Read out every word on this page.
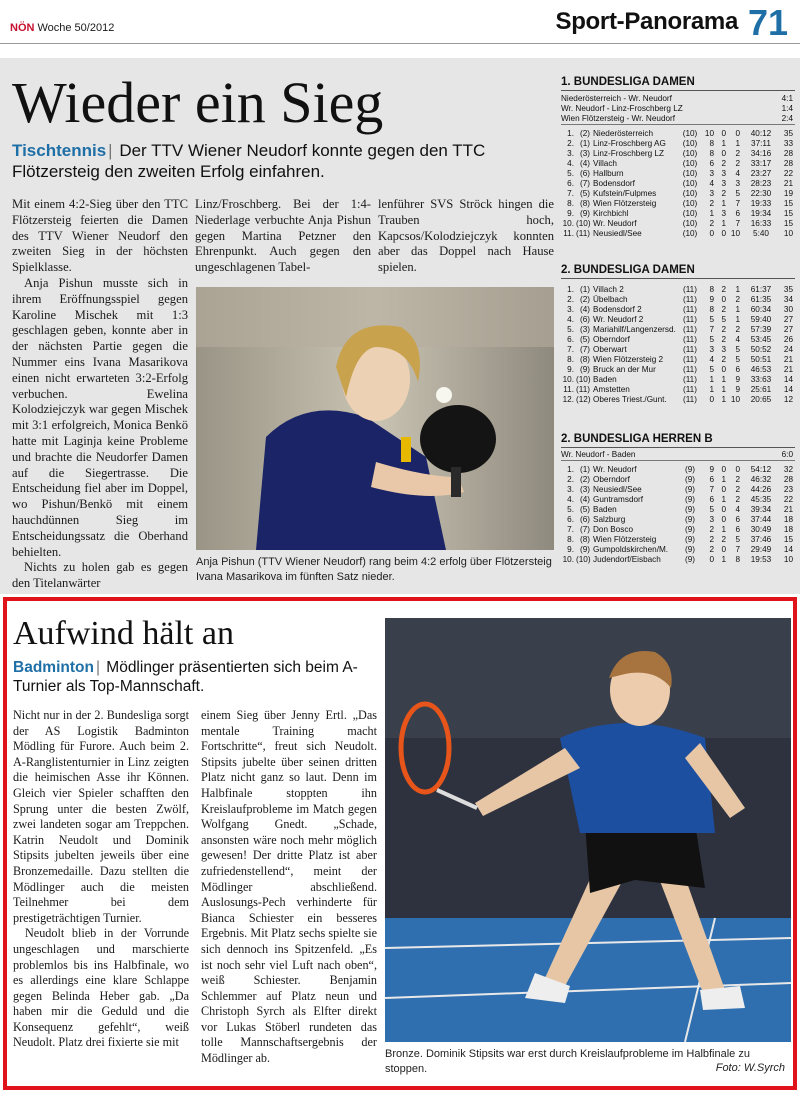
NÖN Woche 50/2012	Sport-Panorama 71
Wieder ein Sieg
Tischtennis | Der TTV Wiener Neudorf konnte gegen den TTC Flötzersteig den zweiten Erfolg einfahren.

Mit einem 4:2-Sieg über den TTC Flötzersteig feierten die Damen des TTV Wiener Neudorf den zweiten Sieg in der höchsten Spielklasse.

Anja Pishun musste sich in ihrem Eröffnungsspiel gegen Karoline Mischek mit 1:3 geschlagen geben, konnte aber in der nächsten Partie gegen die Nummer eins Ivana Masarikova einen nicht erwarteten 3:2-Erfolg verbuchen. Ewelina Kolodziejczyk war gegen Mischek mit 3:1 erfolgreich, Monica Benkö hatte mit Laginja keine Probleme und brachte die Neudorfer Damen auf die Siegertrasse. Die Entscheidung fiel aber im Doppel, wo Pishun/Benkö mit einem hauchdünnen Sieg im Entscheidungssatz die Oberhand behielten.

Nichts zu holen gab es gegen den Titelanwärter

Linz/Froschberg. Bei der 1:4-Niederlage verbuchte Anja Pishun gegen Martina Petzner den Ehrenpunkt. Auch gegen den ungeschlagenen Tabel-

lenführer SVS Ströck hingen die Trauben hoch, Kapcsos/Kolodziejczyk konnten aber das Doppel nach Hause spielen.

Anja Pishun (TTV Wiener Neudorf) rang beim 4:2 erfolg über Flötzersteig Ivana Masarikova im fünften Satz nieder.
1. BUNDESLIGA DAMEN
Niederösterreich - Wr. Neudorf	4:1
Wr. Neudorf - Linz-Froschberg LZ	1:4
Wien Flötzersteig - Wr. Neudorf	2:4
1. (2) Niederösterreich	(10) 10 0	0	40:12	35
2. (1) Linz-Froschberg AG	(10)	8 1	1	37:11	33
3. (3) Linz-Froschberg LZ	(10)	8 0	2	34:16	28
4. (4) Villach	(10)	6 2	2	33:17	28
5. (6) Hallburn	(10)	3 3	4	23:27	22
6. (7) Bodensdorf	(10)	4 3	3	28:23	21
7. (5) Kufstein/Fulpmes	(10)	3 2	5	22:30	19
8. (8) Wien Flötzersteig	(10)	2 1	7	19:33	15
9. (9) Kirchbichl	(10)	1 3	6	19:34	15
10. (10) Wr. Neudorf	(10)	2 1	7	16:33	15
11. (11) Neusiedl/See	(10)	0 0 10	5:40	10
2. BUNDESLIGA DAMEN
1. (1) Villach 2	(11)	8 2	1	61:37	35
2. (2) Übelbach	(11)	9 0	2	61:35	34
3. (4) Bodensdorf 2	(11)	8 2	1	60:34	30
4. (6) Wr. Neudorf 2	(11)	5 5	1	59:40	27
5. (3) Mariahilf/Langenzersd. (11)	7 2	2	57:39	27
6. (5) Oberndorf	(11)	5 2	4	53:45	26
7. (7) Oberwart	(11)	3 3	5	50:52	24
8. (8) Wien Flötzersteig 2	(11)	4 2	5	50:51	21
9. (9) Bruck an der Mur	(11)	5 0	6	46:53	21
10. (10) Baden	(11)	1 1	9	33:63	14
11. (11) Amstetten	(11)	1 1	9	25:61	14
12. (12) Oberes Triest./Gunt.	(11)	0 1 10	20:65	12
2. BUNDESLIGA HERREN B
Wr. Neudorf - Baden	6:0
1. (1) Wr. Neudorf	(9)	9 0	0	54:12	32
2. (2) Oberndorf	(9)	6 1	2	46:32	28
3. (3) Neusiedl/See	(9)	7 0	2	44:26	23
4. (4) Guntramsdorf	(9)	6 1	2	45:35	22
5. (5) Baden	(9)	5 0	4	39:34	21
6. (6) Salzburg	(9)	3 0	6	37:44	18
7. (7) Don Bosco	(9)	2 1	6	30:49	18
8. (8) Wien Flötzersteig	(9)	2 2	5	37:46	15
9. (9) Gumpoldskirchen/M.	(9)	2 0	7	29:49	14
10. (10) Judendorf/Eisbach	(9)	0 1	8	19:53	10
Aufwind hält an
Badminton | Mödlinger präsentierten sich beim A-Turnier als Top-Mannschaft.

Nicht nur in der 2. Bundesliga sorgt der AS Logistik Badminton Mödling für Furore. Auch beim 2. A-Ranglistenturnier in Linz zeigten die heimischen Asse ihr Können. Gleich vier Spieler schafften den Sprung unter die besten Zwölf, zwei landeten sogar am Treppchen. Katrin Neudolt und Dominik Stipsits jubelten jeweils über eine Bronzemedaille. Dazu stellten die Mödlinger auch die meisten Teilnehmer bei dem prestigeträchtigen Turnier.

Neudolt blieb in der Vorrunde ungeschlagen und marschierte problemlos bis ins Halbfinale, wo es allerdings eine klare Schlappe gegen Belinda Heber gab. „Da haben mir die Geduld und die Konsequenz gefehlt“, weiß Neudolt. Platz drei fixierte sie mit

einem Sieg über Jenny Ertl. „Das mentale Training macht Fortschritte“, freut sich Neudolt. Stipsits jubelte über seinen dritten Platz nicht ganz so laut. Denn im Halbfinale stoppten ihn Kreislaufprobleme im Match gegen Wolfgang Gnedt. „Schade, ansonsten wäre noch mehr möglich gewesen! Der dritte Platz ist aber zufriedenstellend“, meint der Mödlinger abschließend. Auslosungs-Pech verhinderte für Bianca Schiester ein besseres Ergebnis. Mit Platz sechs spielte sie sich dennoch ins Spitzenfeld. „Es ist noch sehr viel Luft nach oben“, weiß Schiester. Benjamin Schlemmer auf Platz neun und Christoph Syrch als Elfter direkt vor Lukas Stöberl rundeten das tolle Mannschaftsergebnis der Mödlinger ab.	Bronze. Dominik Stipsits war erst durch Kreislaufprobleme im Halbfinale zu stoppen.	Foto: W.Syrch
